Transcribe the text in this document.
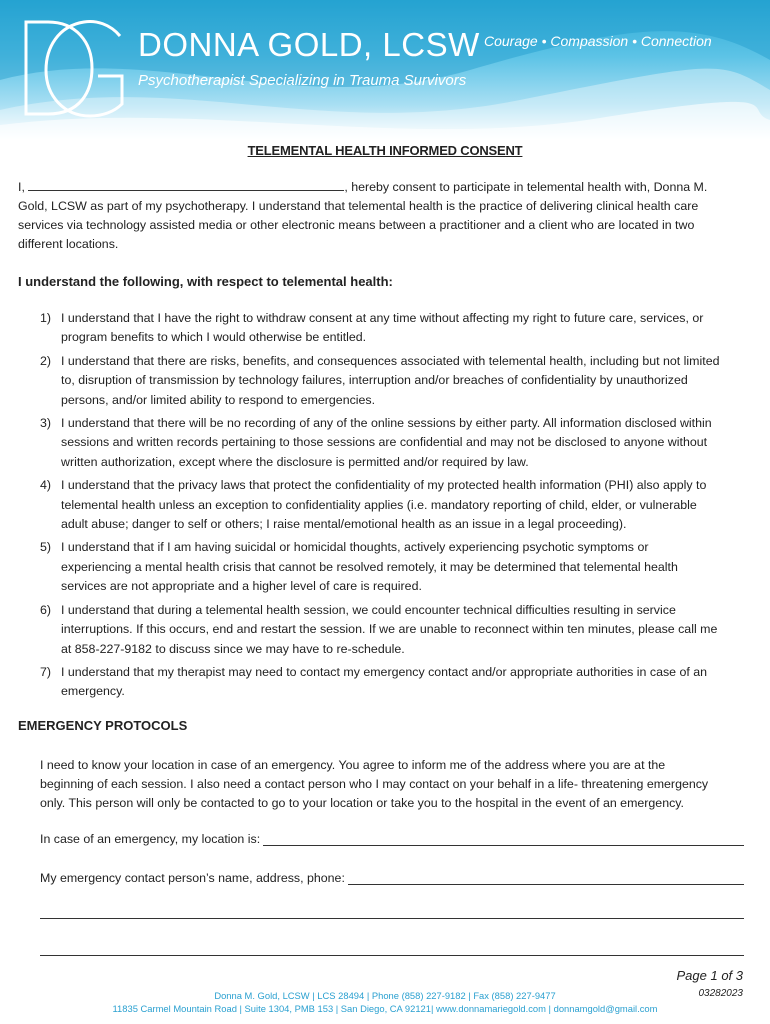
DONNA GOLD, LCSW
Psychotherapist Specializing in Trauma Survivors
Courage • Compassion • Connection
TELEMENTAL HEALTH INFORMED CONSENT
I,	, hereby consent to participate in telemental health with, Donna M.
Gold, LCSW as part of my psychotherapy. I understand that telemental health is the practice of delivering clinical health care
services via technology assisted media or other electronic means between a practitioner and a client who are located in two
different locations.
I understand the following, with respect to telemental health:
1) I understand that I have the right to withdraw consent at any time without affecting my right to future care, services, or
program benefits to which I would otherwise be entitled.
2) I understand that there are risks, benefits, and consequences associated with telemental health, including but not limited
to, disruption of transmission by technology failures, interruption and/or breaches of confidentiality by unauthorized
persons, and/or limited ability to respond to emergencies.
3) I understand that there will be no recording of any of the online sessions by either party. All information disclosed within
sessions and written records pertaining to those sessions are confidential and may not be disclosed to anyone without
written authorization, except where the disclosure is permitted and/or required by law.
4) I understand that the privacy laws that protect the confidentiality of my protected health information (PHI) also apply to
telemental health unless an exception to confidentiality applies (i.e. mandatory reporting of child, elder, or vulnerable
adult abuse; danger to self or others; I raise mental/emotional health as an issue in a legal proceeding).
5) I understand that if I am having suicidal or homicidal thoughts, actively experiencing psychotic symptoms or
experiencing a mental health crisis that cannot be resolved remotely, it may be determined that telemental health
services are not appropriate and a higher level of care is required.
6) I understand that during a telemental health session, we could encounter technical difficulties resulting in service
interruptions. If this occurs, end and restart the session. If we are unable to reconnect within ten minutes, please call me
at 858-227-9182 to discuss since we may have to re-schedule.
7) I understand that my therapist may need to contact my emergency contact and/or appropriate authorities in case of an
emergency.
EMERGENCY PROTOCOLS
I need to know your location in case of an emergency. You agree to inform me of the address where you are at the
beginning of each session. I also need a contact person who I may contact on your behalf in a life- threatening emergency
only. This person will only be contacted to go to your location or take you to the hospital in the event of an emergency.
In case of an emergency, my location is:
My emergency contact person’s name, address, phone:
Page 1 of 3
03282023
Donna M. Gold, LCSW | LCS 28494 | Phone (858) 227-9182 | Fax (858) 227-9477
11835 Carmel Mountain Road | Suite 1304, PMB 153 | San Diego, CA 92121| www.donnamariegold.com | donnamgold@gmail.com
